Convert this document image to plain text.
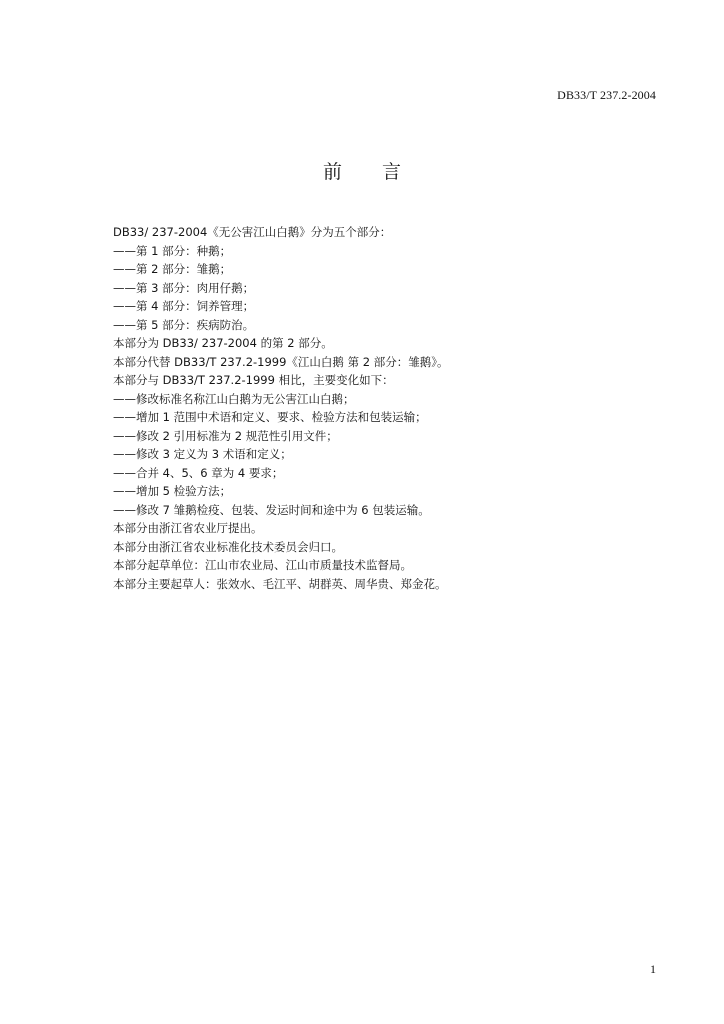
DB33/T 237.2-2004
前言
DB33/ 237-2004《无公害江山白鹅》分为五个部分：
——第 1 部分：种鹅；
——第 2 部分：雏鹅；
——第 3 部分：肉用仔鹅；
——第 4 部分：饲养管理；
——第 5 部分：疾病防治。
本部分为 DB33/ 237-2004 的第 2 部分。
本部分代替 DB33/T 237.2-1999《江山白鹅 第 2 部分：雏鹅》。
本部分与 DB33/T 237.2-1999 相比，主要变化如下：
——修改标准名称江山白鹅为无公害江山白鹅；
——增加 1 范围中术语和定义、要求、检验方法和包装运输；
——修改 2 引用标准为 2 规范性引用文件；
——修改 3 定义为 3 术语和定义；
——合并 4、5、6 章为 4 要求；
——增加 5 检验方法；
——修改 7 雏鹅检疫、包装、发运时间和途中为 6 包装运输。
本部分由浙江省农业厅提出。
本部分由浙江省农业标准化技术委员会归口。
本部分起草单位：江山市农业局、江山市质量技术监督局。
本部分主要起草人：张效水、毛江平、胡群英、周华贵、郑金花。
1
